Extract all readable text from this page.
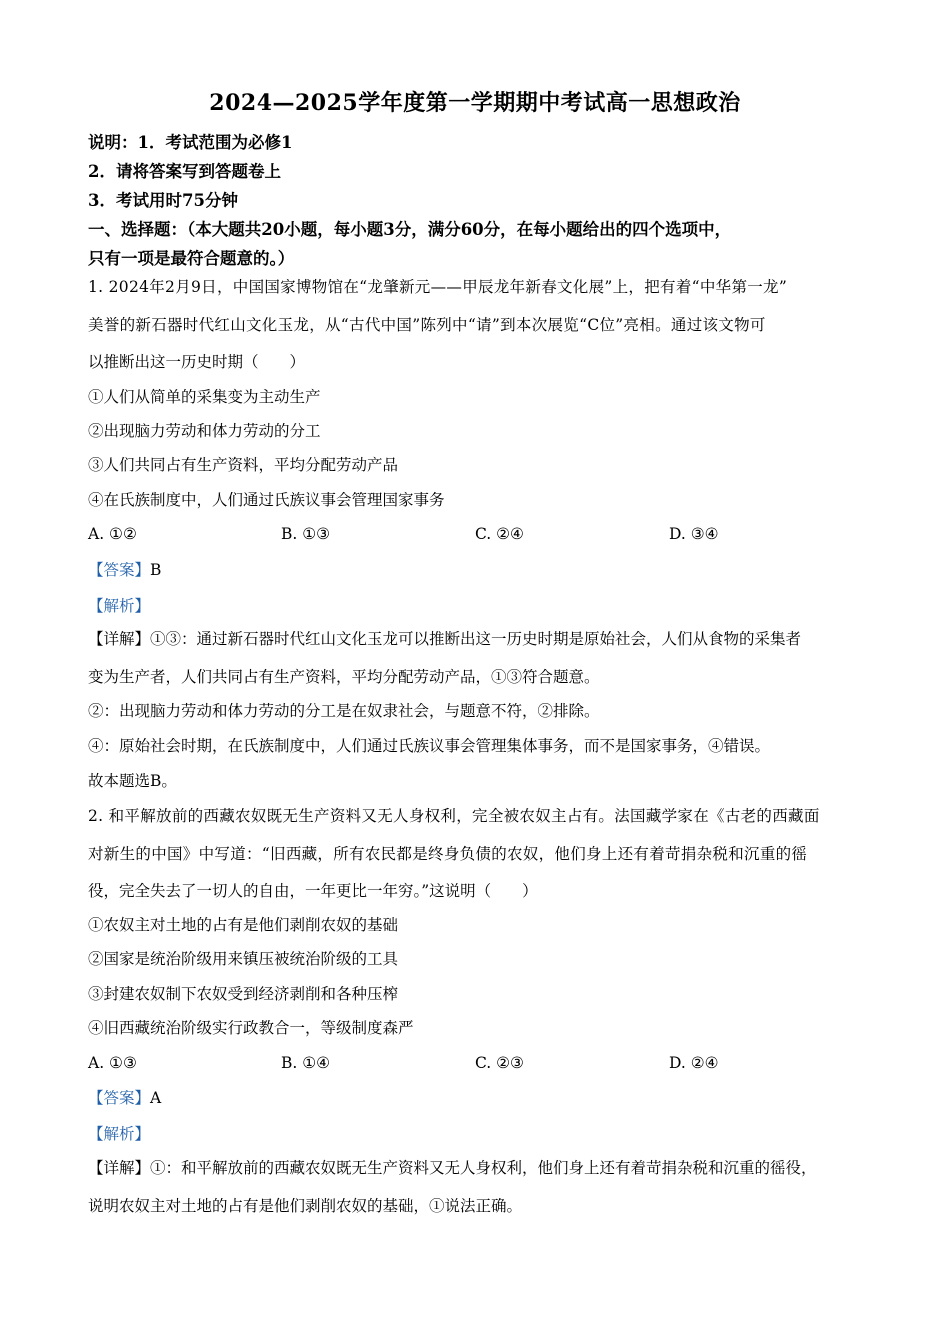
2024—2025学年度第一学期期中考试高一思想政治
说明：1．考试范围为必修1
2．请将答案写到答题卷上
3．考试用时75分钟
一、选择题：（本大题共20小题，每小题3分，满分60分，在每小题给出的四个选项中，
只有一项是最符合题意的。）
1. 2024年2月9日，中国国家博物馆在“龙肇新元——甲辰龙年新春文化展”上，把有着“中华第一龙”
美誉的新石器时代红山文化玉龙，从“古代中国”陈列中“请”到本次展览“C位”亮相。通过该文物可
以推断出这一历史时期（　　）
①人们从简单的采集变为主动生产
②出现脑力劳动和体力劳动的分工
③人们共同占有生产资料，平均分配劳动产品
④在氏族制度中，人们通过氏族议事会管理国家事务
A. ①②	B. ①③	C. ②④	D. ③④
【答案】B
【解析】
【详解】①③：通过新石器时代红山文化玉龙可以推断出这一历史时期是原始社会，人们从食物的采集者
变为生产者，人们共同占有生产资料，平均分配劳动产品，①③符合题意。
②：出现脑力劳动和体力劳动的分工是在奴隶社会，与题意不符，②排除。
④：原始社会时期，在氏族制度中，人们通过氏族议事会管理集体事务，而不是国家事务，④错误。
故本题选B。
2. 和平解放前的西藏农奴既无生产资料又无人身权利，完全被农奴主占有。法国藏学家在《古老的西藏面
对新生的中国》中写道：“旧西藏，所有农民都是终身负债的农奴，他们身上还有着苛捐杂税和沉重的徭
役，完全失去了一切人的自由，一年更比一年穷。”这说明（　　）
①农奴主对土地的占有是他们剥削农奴的基础
②国家是统治阶级用来镇压被统治阶级的工具
③封建农奴制下农奴受到经济剥削和各种压榨
④旧西藏统治阶级实行政教合一，等级制度森严
A. ①③	B. ①④	C. ②③	D. ②④
【答案】A
【解析】
【详解】①：和平解放前的西藏农奴既无生产资料又无人身权利，他们身上还有着苛捐杂税和沉重的徭役，
说明农奴主对土地的占有是他们剥削农奴的基础，①说法正确。
